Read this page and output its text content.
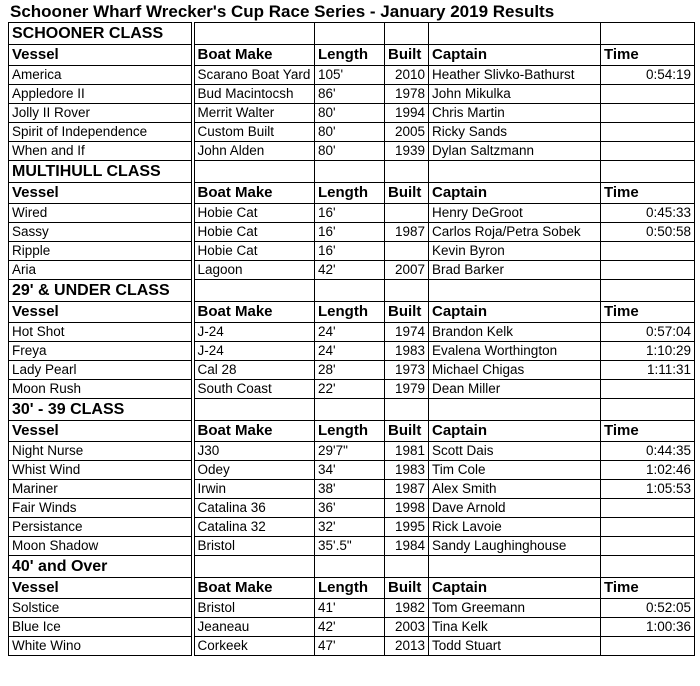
Schooner Wharf Wrecker's Cup Race Series - January 2019 Results
SCHOONER CLASS					
Vessel	Boat Make	Length	Built	Captain	Time
America	Scarano Boat Yard	105'	2010	Heather Slivko-Bathurst	0:54:19
Appledore II	Bud Macintocsh	86'	1978	John Mikulka	
Jolly II Rover	Merrit Walter	80'	1994	Chris Martin	
Spirit of Independence	Custom Built	80'	2005	Ricky Sands	
When and If	John Alden	80'	1939	Dylan Saltzmann	
MULTIHULL CLASS					
Vessel	Boat Make	Length	Built	Captain	Time
Wired	Hobie Cat	16'		Henry DeGroot	0:45:33
Sassy	Hobie Cat	16'	1987	Carlos Roja/Petra Sobek	0:50:58
Ripple	Hobie Cat	16'		Kevin Byron	
Aria	Lagoon	42'	2007	Brad Barker	
29' & UNDER CLASS					
Vessel	Boat Make	Length	Built	Captain	Time
Hot Shot	J-24	24'	1974	Brandon Kelk	0:57:04
Freya	J-24	24'	1983	Evalena Worthington	1:10:29
Lady Pearl	Cal 28	28'	1973	Michael Chigas	1:11:31
Moon Rush	South Coast	22'	1979	Dean Miller	
30' - 39 CLASS					
Vessel	Boat Make	Length	Built	Captain	Time
Night Nurse	J30	29'7"	1981	Scott Dais	0:44:35
Whist Wind	Odey	34'	1983	Tim Cole	1:02:46
Mariner	Irwin	38'	1987	Alex Smith	1:05:53
Fair Winds	Catalina 36	36'	1998	Dave Arnold	
Persistance	Catalina 32	32'	1995	Rick Lavoie	
Moon Shadow	Bristol	35'.5"	1984	Sandy Laughinghouse	
40' and Over					
Vessel	Boat Make	Length	Built	Captain	Time
Solstice	Bristol	41'	1982	Tom Greemann	0:52:05
Blue Ice	Jeaneau	42'	2003	Tina Kelk	1:00:36
White Wino	Corkeek	47'	2013	Todd Stuart	
